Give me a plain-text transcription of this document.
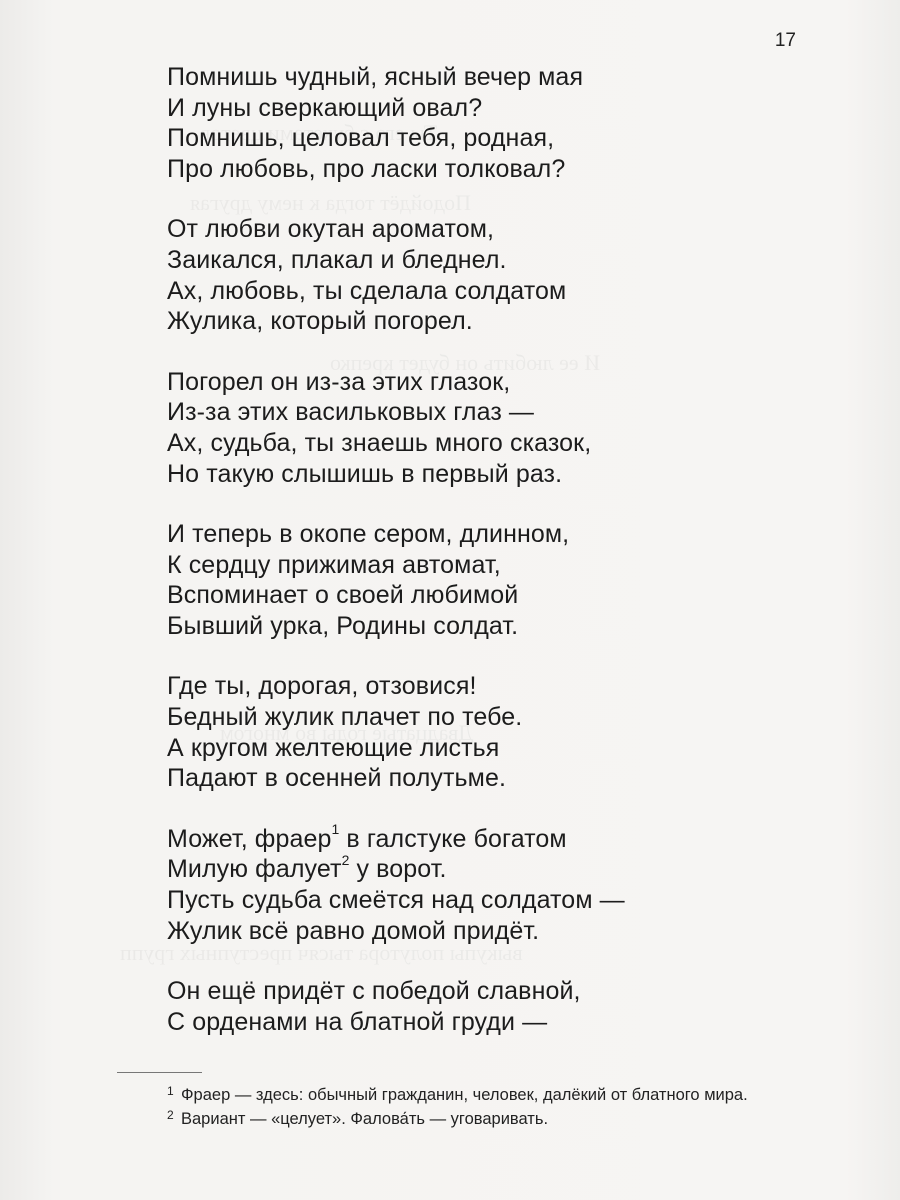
17
Помнишь чудный, ясный вечер мая
И луны сверкающий овал?
Помнишь, целовал тебя, родная,
Про любовь, про ласки толковал?
От любви окутан ароматом,
Заикался, плакал и бледнел.
Ах, любовь, ты сделала солдатом
Жулика, который погорел.
Погорел он из-за этих глазок,
Из-за этих васильковых глаз —
Ах, судьба, ты знаешь много сказок,
Но такую слышишь в первый раз.
И теперь в окопе сером, длинном,
К сердцу прижимая автомат,
Вспоминает о своей любимой
Бывший урка, Родины солдат.
Где ты, дорогая, отзовися!
Бедный жулик плачет по тебе.
А кругом желтеющие листья
Падают в осенней полутьме.
Может, фраер$^1$ в галстуке богатом
Милую фалует$^2$ у ворот.
Пусть судьба смеётся над солдатом —
Жулик всё равно домой придёт.
Он ещё придёт с победой славной,
С орденами на блатной груди —
1 Фраер — здесь: обычный гражданин, человек, далёкий от блатного мира.
2 Вариант — «целует». Фалова́ть — уговаривать.
